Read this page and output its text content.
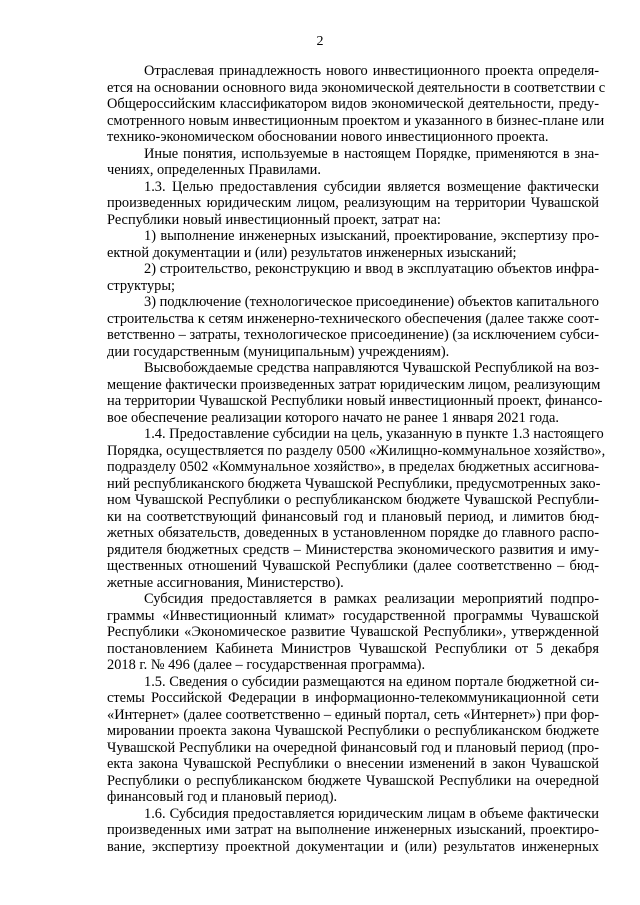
2
Отраслевая принадлежность нового инвестиционного проекта определя-
ется на основании основного вида экономической деятельности в соответствии с
Общероссийским классификатором видов экономической деятельности, преду-
смотренного новым инвестиционным проектом и указанного в бизнес-плане или
технико-экономическом обосновании нового инвестиционного проекта.
Иные понятия, используемые в настоящем Порядке, применяются в зна-
чениях, определенных Правилами.
1.3. Целью предоставления субсидии является возмещение фактически
произведенных юридическим лицом, реализующим на территории Чувашской
Республики новый инвестиционный проект, затрат на:
1) выполнение инженерных изысканий, проектирование, экспертизу про-
ектной документации и (или) результатов инженерных изысканий;
2) строительство, реконструкцию и ввод в эксплуатацию объектов инфра-
структуры;
3) подключение (технологическое присоединение) объектов капитального
строительства к сетям инженерно-технического обеспечения (далее также соот-
ветственно – затраты, технологическое присоединение) (за исключением субси-
дии государственным (муниципальным) учреждениям).
Высвобождаемые средства направляются Чувашской Республикой на воз-
мещение фактически произведенных затрат юридическим лицом, реализующим
на территории Чувашской Республики новый инвестиционный проект, финансо-
вое обеспечение реализации которого начато не ранее 1 января 2021 года.
1.4. Предоставление субсидии на цель, указанную в пункте 1.3 настоящего
Порядка, осуществляется по разделу 0500 «Жилищно-коммунальное хозяйство»,
подразделу 0502 «Коммунальное хозяйство», в пределах бюджетных ассигнова-
ний республиканского бюджета Чувашской Республики, предусмотренных зако-
ном Чувашской Республики о республиканском бюджете Чувашской Республи-
ки на соответствующий финансовый год и плановый период, и лимитов бюд-
жетных обязательств, доведенных в установленном порядке до главного распо-
рядителя бюджетных средств – Министерства экономического развития и иму-
щественных отношений Чувашской Республики (далее соответственно – бюд-
жетные ассигнования, Министерство).
Субсидия предоставляется в рамках реализации мероприятий подпро-
граммы «Инвестиционный климат» государственной программы Чувашской
Республики «Экономическое развитие Чувашской Республики», утвержденной
постановлением Кабинета Министров Чувашской Республики от 5 декабря
2018 г. № 496 (далее – государственная программа).
1.5. Сведения о субсидии размещаются на едином портале бюджетной си-
стемы Российской Федерации в информационно-телекоммуникационной сети
«Интернет» (далее соответственно – единый портал, сеть «Интернет») при фор-
мировании проекта закона Чувашской Республики о республиканском бюджете
Чувашской Республики на очередной финансовый год и плановый период (про-
екта закона Чувашской Республики о внесении изменений в закон Чувашской
Республики о республиканском бюджете Чувашской Республики на очередной
финансовый год и плановый период).
1.6. Субсидия предоставляется юридическим лицам в объеме фактически
произведенных ими затрат на выполнение инженерных изысканий, проектиро-
вание, экспертизу проектной документации и (или) результатов инженерных
